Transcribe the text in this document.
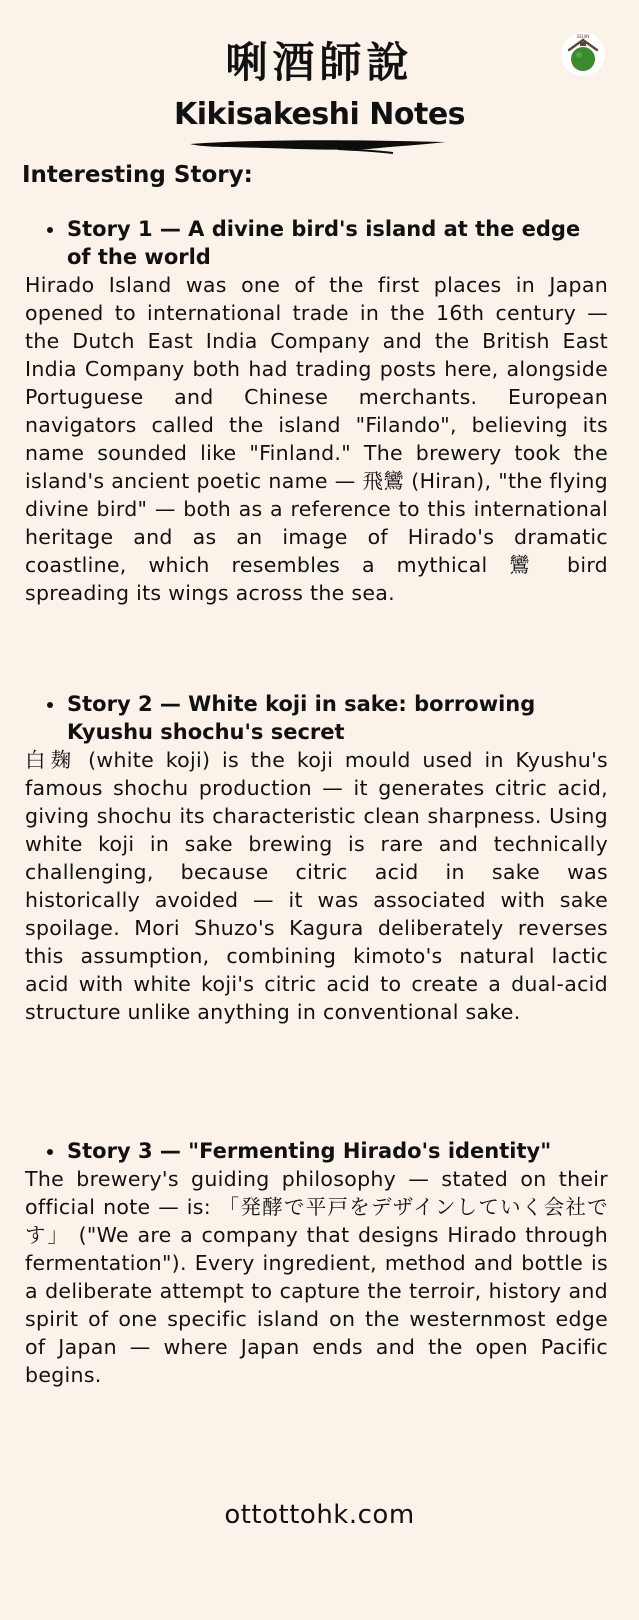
SEIJIN
唎酒師說
Kikisakeshi Notes
Interesting Story:
Story 1 — A divine bird's island at the edge of the world
Hirado Island was one of the first places in Japan opened to international trade in the 16th century — the Dutch East India Company and the British East India Company both had trading posts here, alongside Portuguese and Chinese merchants. European navigators called the island "Filando", believing its name sounded like "Finland." The brewery took the island's ancient poetic name — 飛鸞 (Hiran), "the flying divine bird" — both as a reference to this international heritage and as an image of Hirado's dramatic coastline, which resembles a mythical 鸞 bird spreading its wings across the sea.
Story 2 — White koji in sake: borrowing Kyushu shochu's secret
白麹 (white koji) is the koji mould used in Kyushu's famous shochu production — it generates citric acid, giving shochu its characteristic clean sharpness. Using white koji in sake brewing is rare and technically challenging, because citric acid in sake was historically avoided — it was associated with sake spoilage. Mori Shuzo's Kagura deliberately reverses this assumption, combining kimoto's natural lactic acid with white koji's citric acid to create a dual-acid structure unlike anything in conventional sake.
Story 3 — "Fermenting Hirado's identity"
The brewery's guiding philosophy — stated on their official note — is: 「発酵で平戸をデザインしていく会社です」 ("We are a company that designs Hirado through fermentation"). Every ingredient, method and bottle is a deliberate attempt to capture the terroir, history and spirit of one specific island on the westernmost edge of Japan — where Japan ends and the open Pacific begins.
ottottohk.com
